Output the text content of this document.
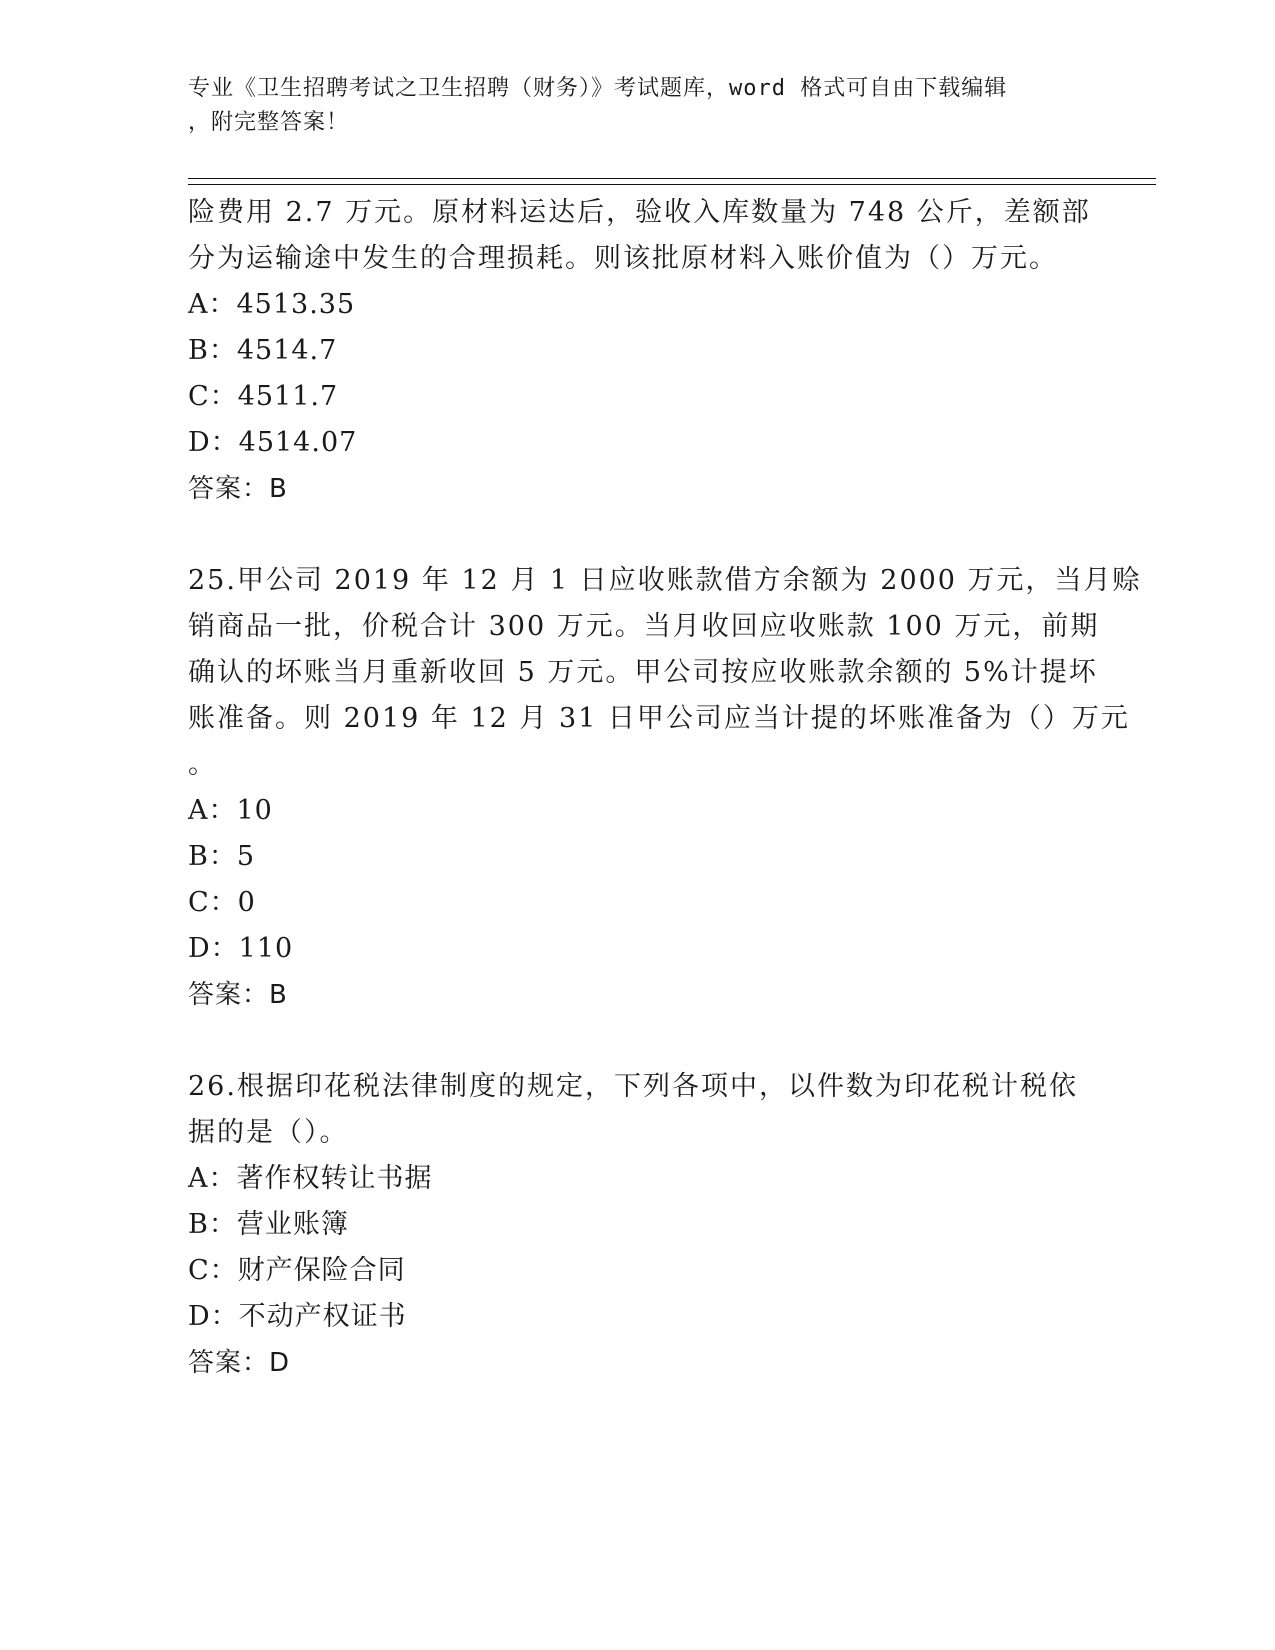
专业《卫生招聘考试之卫生招聘（财务）》考试题库，word 格式可自由下载编辑
，附完整答案！
险费用 2.7 万元。原材料运达后，验收入库数量为 748 公斤，差额部
分为运输途中发生的合理损耗。则该批原材料入账价值为（）万元。
A：4513.35
B：4514.7
C：4511.7
D：4514.07
答案：B
25.甲公司 2019 年 12 月 1 日应收账款借方余额为 2000 万元，当月赊
销商品一批，价税合计 300 万元。当月收回应收账款 100 万元，前期
确认的坏账当月重新收回 5 万元。甲公司按应收账款余额的 5%计提坏
账准备。则 2019 年 12 月 31 日甲公司应当计提的坏账准备为（）万元
。
A：10
B：5
C：0
D：110
答案：B
26.根据印花税法律制度的规定，下列各项中，以件数为印花税计税依
据的是（）。
A：著作权转让书据
B：营业账簿
C：财产保险合同
D：不动产权证书
答案：D
